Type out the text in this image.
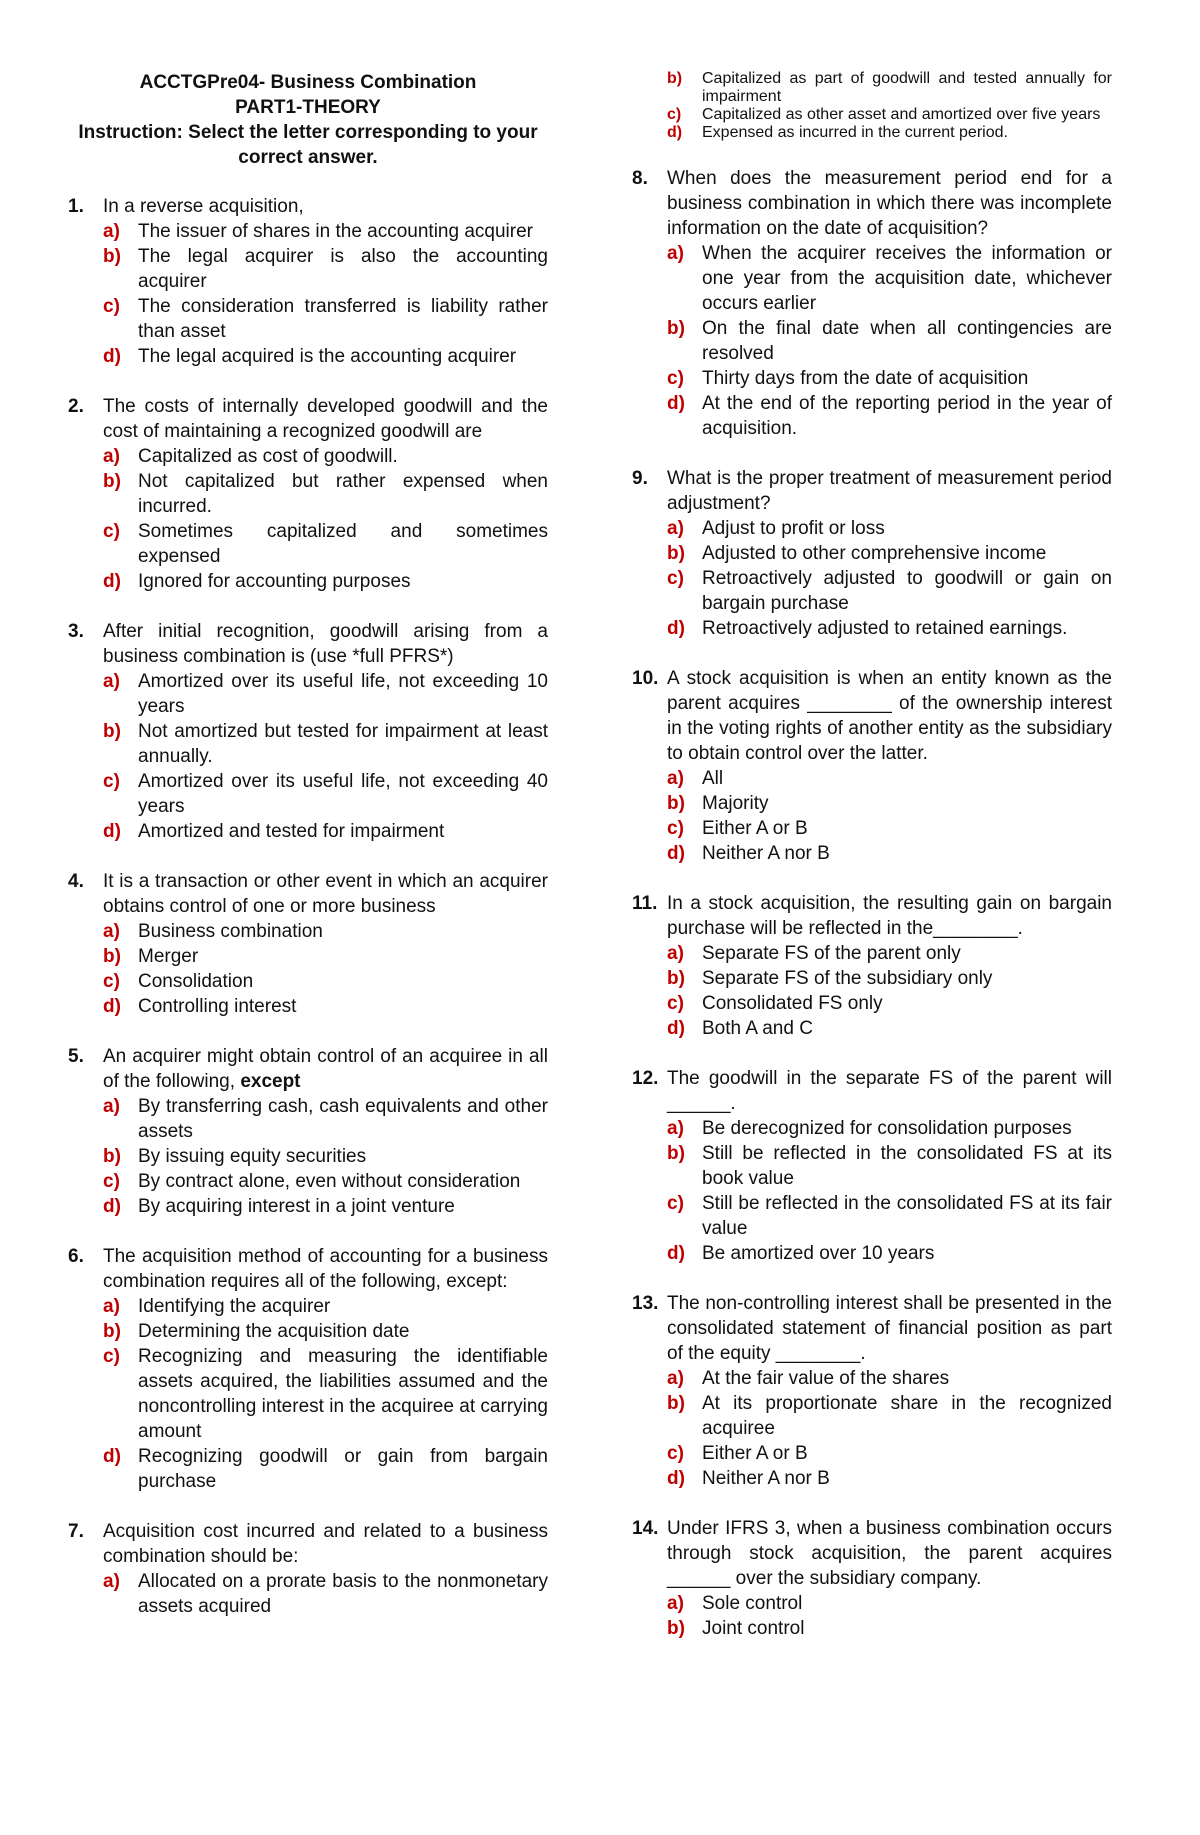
ACCTGPre04- Business Combination

PART1-THEORY

Instruction: Select the letter corresponding to your correct answer.

1.	In a reverse acquisition,
a) The issuer of shares in the accounting acquirer
b) The legal acquirer is also the accounting acquirer
c) The consideration transferred is liability rather than asset
d) The legal acquired is the accounting acquirer
2.	The costs of internally developed goodwill and the cost of maintaining a recognized goodwill are
a) Capitalized as cost of goodwill.
b) Not capitalized but rather expensed when incurred.
c) Sometimes capitalized and sometimes expensed
d) Ignored for accounting purposes
3.	After initial recognition, goodwill arising from a business combination is (use *full PFRS*)
a) Amortized over its useful life, not exceeding 10 years
b) Not amortized but tested for impairment at least annually.
c) Amortized over its useful life, not exceeding 40 years
d) Amortized and tested for impairment
4.	It is a transaction or other event in which an acquirer obtains control of one or more business
a) Business combination
b) Merger
c) Consolidation
d) Controlling interest
5.	An acquirer might obtain control of an acquiree in all of the following, except
a) By transferring cash, cash equivalents and other assets
b) By issuing equity securities
c) By contract alone, even without consideration
d) By acquiring interest in a joint venture
6.	The acquisition method of accounting for a business combination requires all of the following, except:
a) Identifying the acquirer
b) Determining the acquisition date
c) Recognizing and measuring the identifiable assets acquired, the liabilities assumed and the noncontrolling interest in the acquiree at carrying amount
d) Recognizing goodwill or gain from bargain purchase
7.	Acquisition cost incurred and related to a business combination should be:
a) Allocated on a prorate basis to the nonmonetary assets acquired
b)	Capitalized as part of goodwill and tested annually for impairment
c)	Capitalized as other asset and amortized over five years
d)	Expensed as incurred in the current period.
8.	When does the measurement period end for a business combination in which there was incomplete information on the date of acquisition?
a) When the acquirer receives the information or one year from the acquisition date, whichever occurs earlier
b) On the final date when all contingencies are resolved
c) Thirty days from the date of acquisition
d) At the end of the reporting period in the year of acquisition.
9.	What is the proper treatment of measurement period adjustment?
a) Adjust to profit or loss
b) Adjusted to other comprehensive income
c) Retroactively adjusted to goodwill or gain on bargain purchase
d) Retroactively adjusted to retained earnings.
10. A stock acquisition is when an entity known as the parent acquires ________ of the ownership interest in the voting rights of another entity as the subsidiary to obtain control over the latter.
a) All
b) Majority
c) Either A or B
d) Neither A nor B
11. In a stock acquisition, the resulting gain on bargain purchase will be reflected in the________.
a) Separate FS of the parent only
b) Separate FS of the subsidiary only
c) Consolidated FS only
d) Both A and C
12. The goodwill in the separate FS of the parent will ______.
a) Be derecognized for consolidation purposes
b) Still be reflected in the consolidated FS at its book value
c) Still be reflected in the consolidated FS at its fair value
d) Be amortized over 10 years
13. The non-controlling interest shall be presented in the consolidated statement of financial position as part of the equity ________.
a) At the fair value of the shares
b) At its proportionate share in the recognized acquiree
c) Either A or B
d) Neither A nor B
14. Under IFRS 3, when a business combination occurs through stock acquisition, the parent acquires ______ over the subsidiary company.
a) Sole control
b) Joint control
